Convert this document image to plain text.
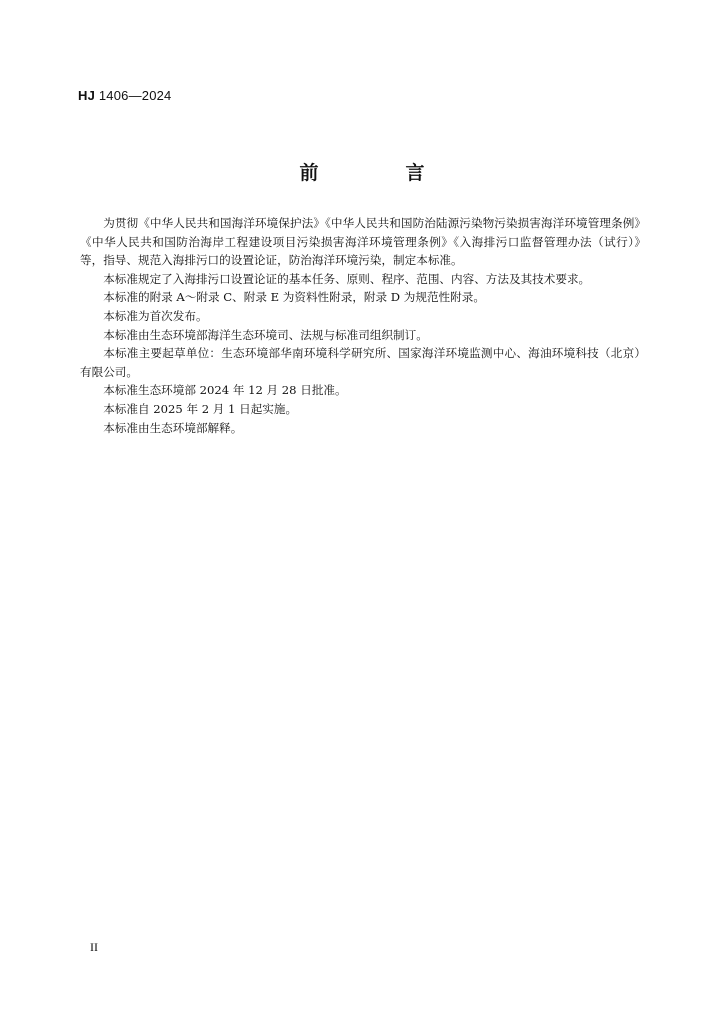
HJ 1406—2024
前　言

为贯彻《中华人民共和国海洋环境保护法》《中华人民共和国防治陆源污染物污染损害海洋环境管理条例》《中华人民共和国防治海岸工程建设项目污染损害海洋环境管理条例》《入海排污口监督管理办法（试行）》等，指导、规范入海排污口的设置论证，防治海洋环境污染，制定本标准。

本标准规定了入海排污口设置论证的基本任务、原则、程序、范围、内容、方法及其技术要求。

本标准的附录 A～附录 C、附录 E 为资料性附录，附录 D 为规范性附录。

本标准为首次发布。

本标准由生态环境部海洋生态环境司、法规与标准司组织制订。

本标准主要起草单位：生态环境部华南环境科学研究所、国家海洋环境监测中心、海油环境科技（北京）有限公司。

本标准生态环境部 2024 年 12 月 28 日批准。

本标准自 2025 年 2 月 1 日起实施。

本标准由生态环境部解释。

II
